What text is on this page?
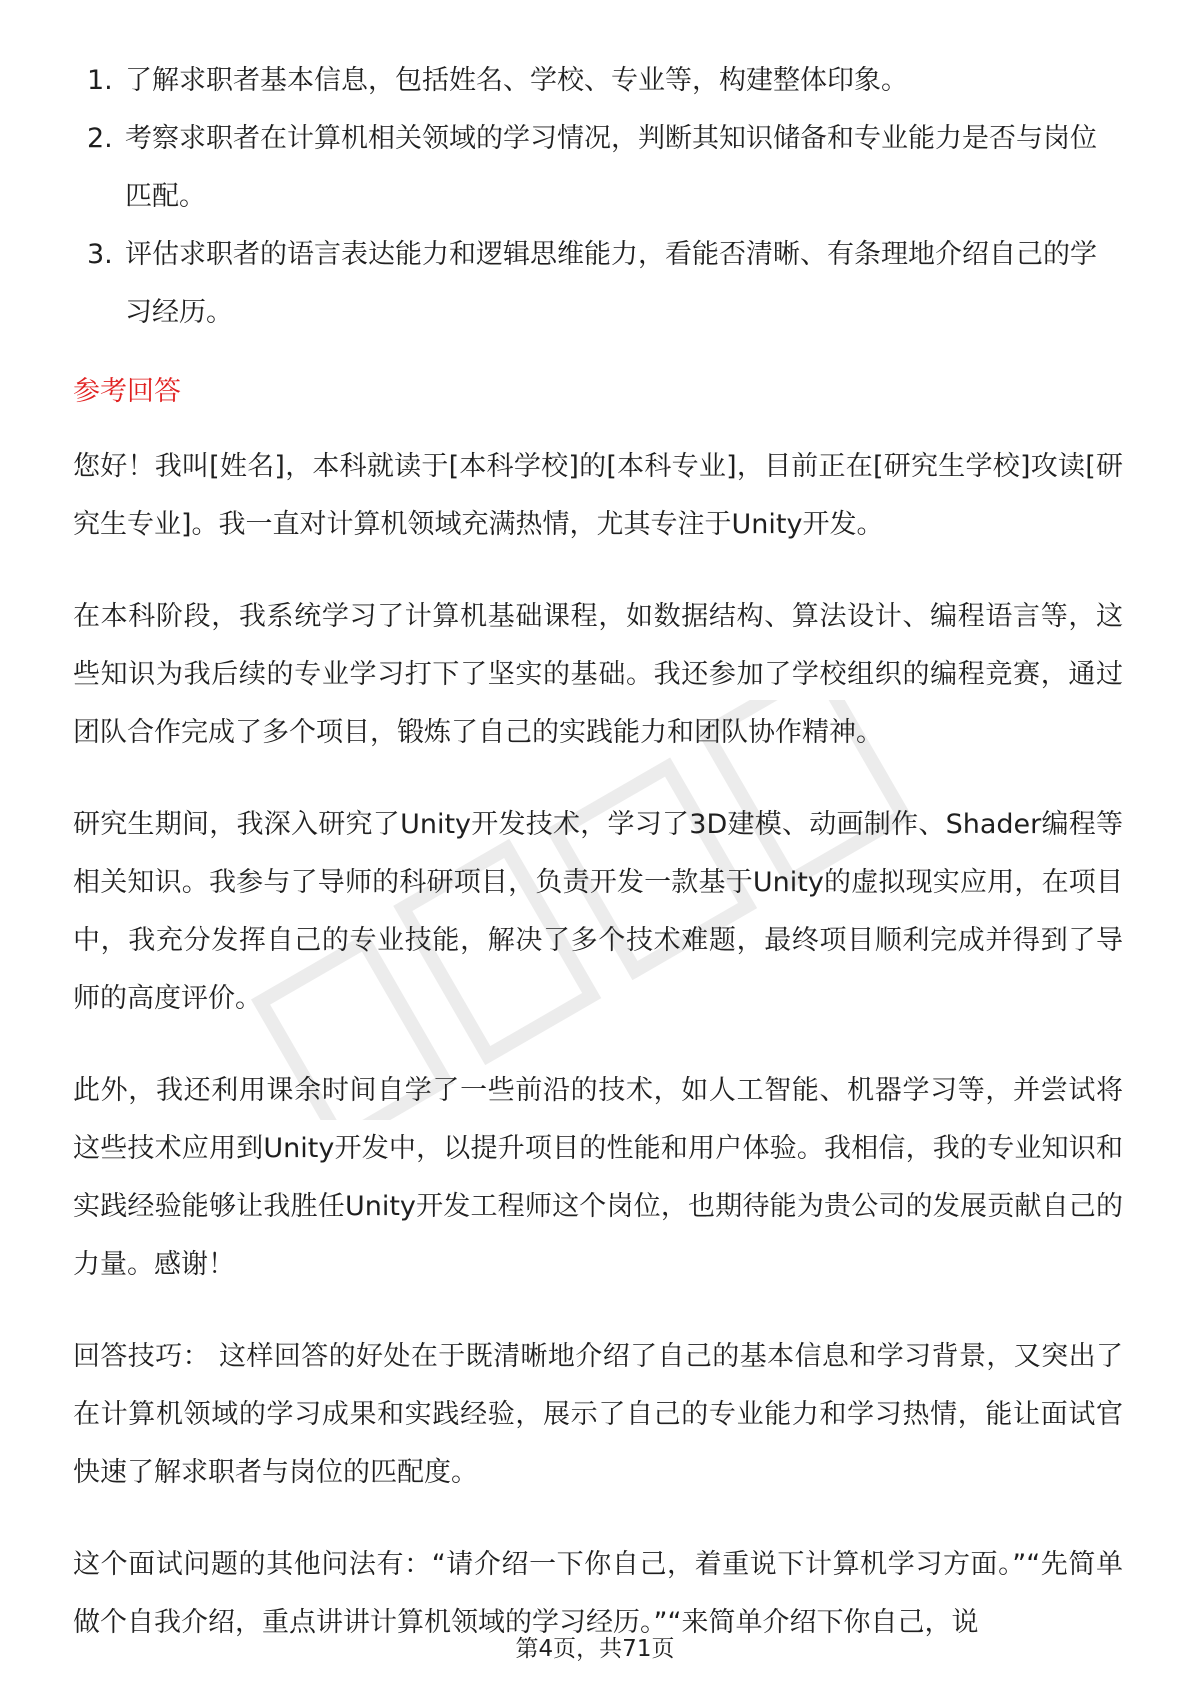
1. 了解求职者基本信息，包括姓名、学校、专业等，构建整体印象。
2. 考察求职者在计算机相关领域的学习情况，判断其知识储备和专业能力是否与岗位匹配。
3. 评估求职者的语言表达能力和逻辑思维能力，看能否清晰、有条理地介绍自己的学习经历。
参考回答

您好！我叫[姓名]，本科就读于[本科学校]的[本科专业]，目前正在[研究生学校]攻读[研究生专业]。我一直对计算机领域充满热情，尤其专注于Unity开发。

在本科阶段，我系统学习了计算机基础课程，如数据结构、算法设计、编程语言等，这些知识为我后续的专业学习打下了坚实的基础。我还参加了学校组织的编程竞赛，通过团队合作完成了多个项目，锻炼了自己的实践能力和团队协作精神。

研究生期间，我深入研究了Unity开发技术，学习了3D建模、动画制作、Shader编程等相关知识。我参与了导师的科研项目，负责开发一款基于Unity的虚拟现实应用，在项目中，我充分发挥自己的专业技能，解决了多个技术难题，最终项目顺利完成并得到了导师的高度评价。

此外，我还利用课余时间自学了一些前沿的技术，如人工智能、机器学习等，并尝试将这些技术应用到Unity开发中，以提升项目的性能和用户体验。我相信，我的专业知识和实践经验能够让我胜任Unity开发工程师这个岗位，也期待能为贵公司的发展贡献自己的力量。感谢！

回答技巧： 这样回答的好处在于既清晰地介绍了自己的基本信息和学习背景，又突出了在计算机领域的学习成果和实践经验，展示了自己的专业能力和学习热情，能让面试官快速了解求职者与岗位的匹配度。

这个面试问题的其他问法有：“请介绍一下你自己，着重说下计算机学习方面。”“先简单做个自我介绍，重点讲讲计算机领域的学习经历。”“来简单介绍下你自己，说

第4页，共71页
